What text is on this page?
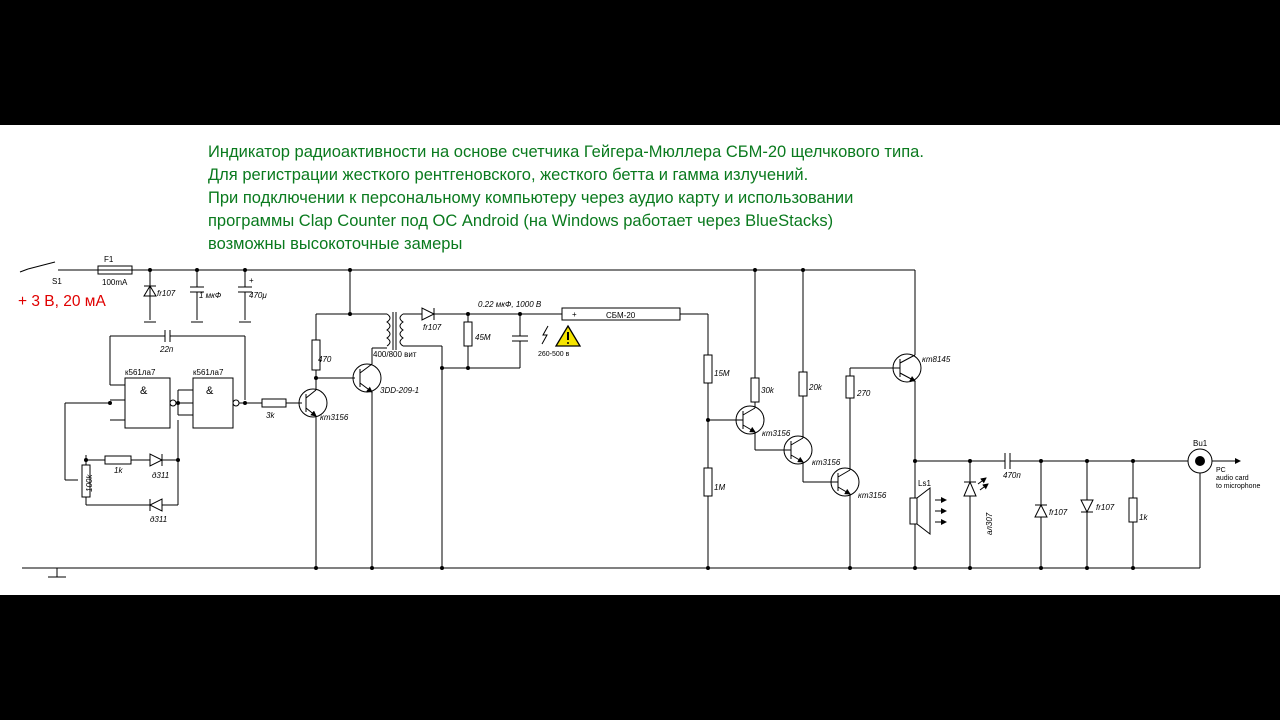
Индикатор радиоактивности на основе счетчика Гейгера-Мюллера СБМ-20 щелчкового типа.
Для регистрации жесткого рентгеновского, жесткого бетта и гамма излучений.
При подключении к персональному компьютеру через аудио карту и использовании
программы Clap Counter под ОС Android (на Windows работает через BlueStacks)
возможны высокоточные замеры
+ 3 В, 20 мА
S1
F1
100mA
fr107	1 мкФ
+
470μ
22п
к561ла7
&
к561ла7
&
100k
1k
д311
д311
3k	кт3156
470
3DD-209-1
400/800 вит
fr107
45М
0.22 мкФ, 1000 В
+	СБМ-20
260-500 в
15М
1М
30k
кт3156
20k
кт3156
кт3156
270
кт8145
Ls1
ал307
470п
fr107
fr107
1k
Bu1
PC
audio card
to microphone
